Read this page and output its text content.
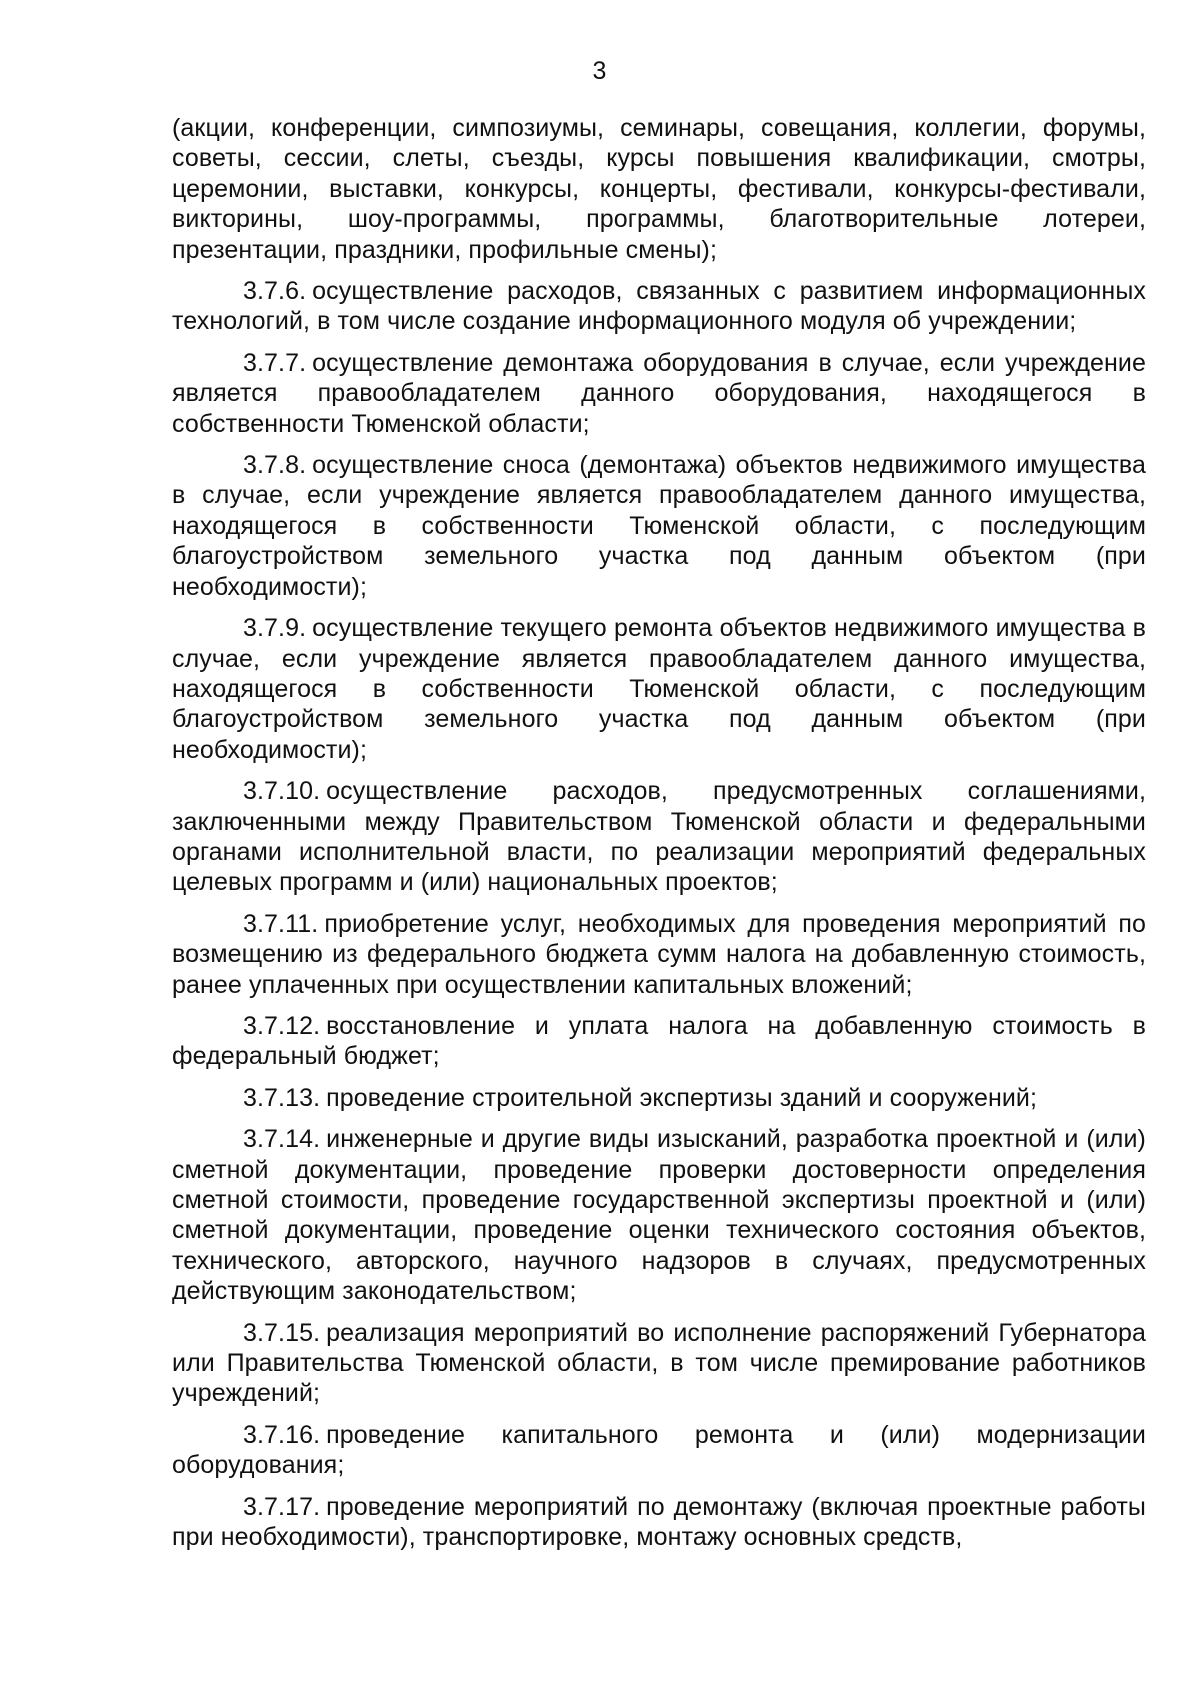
3

(акции, конференции, симпозиумы, семинары, совещания, коллегии, форумы, советы, сессии, слеты, съезды, курсы повышения квалификации, смотры, церемонии, выставки, конкурсы, концерты, фестивали, конкурсы-фестивали, викторины, шоу-программы, программы, благотворительные лотереи, презентации, праздники, профильные смены);

3.7.6. осуществление расходов, связанных с развитием информационных технологий, в том числе создание информационного модуля об учреждении;

3.7.7. осуществление демонтажа оборудования в случае, если учреждение является правообладателем данного оборудования, находящегося в собственности Тюменской области;

3.7.8. осуществление сноса (демонтажа) объектов недвижимого имущества в случае, если учреждение является правообладателем данного имущества, находящегося в собственности Тюменской области, с последующим благоустройством земельного участка под данным объектом (при необходимости);

3.7.9. осуществление текущего ремонта объектов недвижимого имущества в случае, если учреждение является правообладателем данного имущества, находящегося в собственности Тюменской области, с последующим благоустройством земельного участка под данным объектом (при необходимости);

3.7.10. осуществление расходов, предусмотренных соглашениями, заключенными между Правительством Тюменской области и федеральными органами исполнительной власти, по реализации мероприятий федеральных целевых программ и (или) национальных проектов;

3.7.11. приобретение услуг, необходимых для проведения мероприятий по возмещению из федерального бюджета сумм налога на добавленную стоимость, ранее уплаченных при осуществлении капитальных вложений;

3.7.12. восстановление и уплата налога на добавленную стоимость в федеральный бюджет;

3.7.13. проведение строительной экспертизы зданий и сооружений;

3.7.14. инженерные и другие виды изысканий, разработка проектной и (или) сметной документации, проведение проверки достоверности определения сметной стоимости, проведение государственной экспертизы проектной и (или) сметной документации, проведение оценки технического состояния объектов, технического, авторского, научного надзоров в случаях, предусмотренных действующим законодательством;

3.7.15. реализация мероприятий во исполнение распоряжений Губернатора или Правительства Тюменской области, в том числе премирование работников учреждений;

3.7.16. проведение капитального ремонта и (или) модернизации оборудования;

3.7.17. проведение мероприятий по демонтажу (включая проектные работы при необходимости), транспортировке, монтажу основных средств,
